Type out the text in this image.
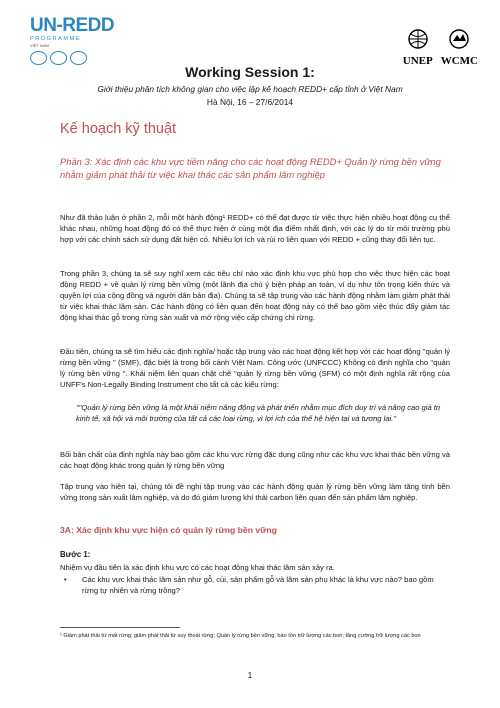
UN-REDD
PROGRAMME
VIỆT NAM
UNEP WCMC
Working Session 1:
Giới thiệu phân tích không gian cho việc lập kế hoạch REDD+ cấp tỉnh ở Việt Nam
Hà Nội, 16 – 27/6/2014
Kế hoạch kỹ thuật
Phần 3: Xác định các khu vực tiềm năng cho các hoạt động REDD+ Quản lý rừng bền vững nhằm giảm phát thải từ việc khai thác các sản phẩm lâm nghiệp
Như đã thảo luận ở phần 2, mỗi một hành động¹ REDD+ có thể đạt được từ việc thực hiện nhiều hoạt động cụ thể khác nhau, những hoạt động đó có thể thực hiện ở cùng một địa điểm nhất định, với các lý do từ môi trường phù hợp với các chính sách sử dụng đất hiện có. Nhiều lợi ích và rủi ro liên quan với REDD + cũng thay đổi liên tục.
Trong phần 3, chúng ta sẽ suy nghĩ xem các tiêu chí nào xác định khu vực phù hợp cho việc thực hiện các hoạt động REDD + về quản lý rừng bền vững (một lãnh địa chú ý biện pháp an toàn, ví dụ như tôn trọng kiến thức và quyền lợi của cộng đồng và người dân bản địa). Chúng ta sẽ tập trung vào các hành động nhằm làm giảm phát thải từ việc khai thác lâm sản. Các hành động có liên quan đến hoạt động này có thể bao gồm việc thúc đẩy giảm tác động khai thác gỗ trong rừng sản xuất và mở rộng việc cấp chứng chỉ rừng.
Đầu tiên, chúng ta sẽ tìm hiểu các định nghĩa/ hoặc tập trung vào các hoạt động kết hợp với các hoạt động "quản lý rừng bền vững " (SMF), đặc biệt là trong bối cảnh Việt Nam. Công ước (UNFCCC) Không có định nghĩa cho "quản lý rừng bền vững ". Khái niệm liên quan chặt chẽ "quản lý rừng bền vững (SFM) có một định nghĩa rất rộng của UNFF's Non-Legally Binding Instrument cho tất cả các kiểu rừng:
""Quản lý rừng bền vững là một khái niệm năng động và phát triển nhằm mục đích duy trì và nâng cao giá trị kinh tế, xã hội và môi trường của tất cả các loại rừng, vì lợi ích của thế hệ hiện tại và tương lai."
Bối bản chất của định nghĩa này bao gồm các khu vực rừng đặc dụng cũng như các khu vực khai thác bền vững và các hoạt động khác trong quản lý rừng bền vững
Tập trung vào hiện tại, chúng tôi đề nghị tập trung vào các hành động quản lý rừng bền vững làm tăng tính bền vững trong sản xuất lâm nghiệp, và do đó giảm lượng khí thải carbon liên quan đến sản phẩm lâm nghiệp.
3A: Xác định khu vực hiện có quản lý rừng bền vững
Bước 1:
Nhiệm vụ đầu tiên là xác định khu vực có các hoạt động khai thác lâm sản xảy ra.
•	Các khu vực khai thác lâm sản như gỗ, củi, sản phẩm gỗ và lâm sản phụ khác là khu vực nào? bao gồm rừng tự nhiên và rừng trồng?
¹ Giảm phát thải từ mất rừng; giảm phát thải từ suy thoái rừng; Quản lý rừng bền vững; bảo tồn trữ lượng các bon; tăng cường trữ lượng các bon
1
